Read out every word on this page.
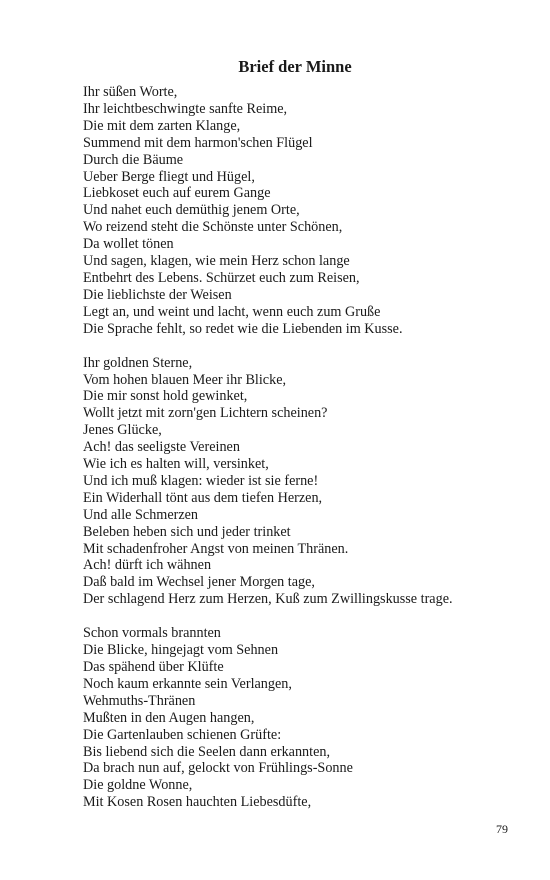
Brief der Minne
Ihr süßen Worte,
Ihr leichtbeschwingte sanfte Reime,
Die mit dem zarten Klange,
Summend mit dem harmon'schen Flügel
Durch die Bäume
Ueber Berge fliegt und Hügel,
Liebkoset euch auf eurem Gange
Und nahet euch demüthig jenem Orte,
Wo reizend steht die Schönste unter Schönen,
Da wollet tönen
Und sagen, klagen, wie mein Herz schon lange
Entbehrt des Lebens. Schürzet euch zum Reisen,
Die lieblichste der Weisen
Legt an, und weint und lacht, wenn euch zum Gruße
Die Sprache fehlt, so redet wie die Liebenden im Kusse.
Ihr goldnen Sterne,
Vom hohen blauen Meer ihr Blicke,
Die mir sonst hold gewinket,
Wollt jetzt mit zorn'gen Lichtern scheinen?
Jenes Glücke,
Ach! das seeligste Vereinen
Wie ich es halten will, versinket,
Und ich muß klagen: wieder ist sie ferne!
Ein Widerhall tönt aus dem tiefen Herzen,
Und alle Schmerzen
Beleben heben sich und jeder trinket
Mit schadenfroher Angst von meinen Thränen.
Ach! dürft ich wähnen
Daß bald im Wechsel jener Morgen tage,
Der schlagend Herz zum Herzen, Kuß zum Zwillingskusse trage.
Schon vormals brannten
Die Blicke, hingejagt vom Sehnen
Das spähend über Klüfte
Noch kaum erkannte sein Verlangen,
Wehmuths-Thränen
Mußten in den Augen hangen,
Die Gartenlauben schienen Grüfte:
Bis liebend sich die Seelen dann erkannten,
Da brach nun auf, gelockt von Frühlings-Sonne
Die goldne Wonne,
Mit Kosen Rosen hauchten Liebesdüfte,
79
